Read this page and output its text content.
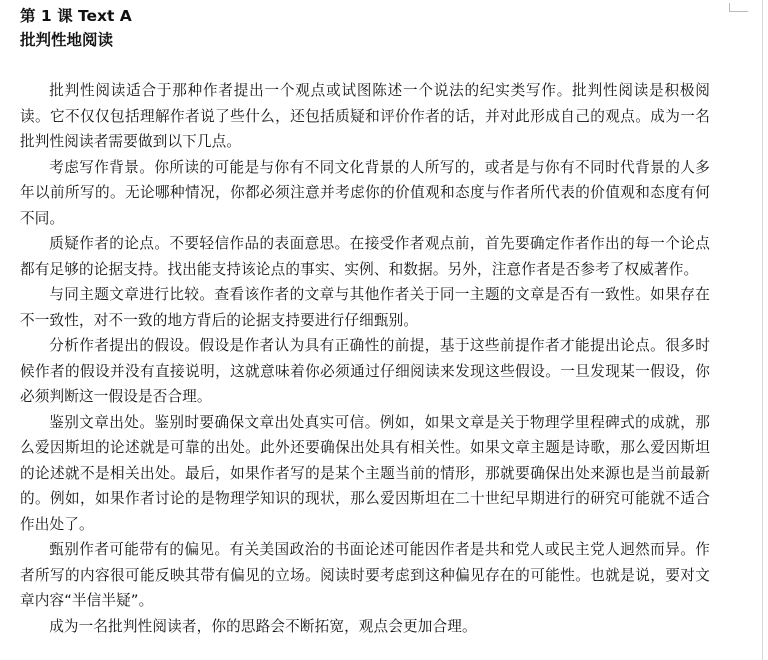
第 1 课 Text A
批判性地阅读

批判性阅读适合于那种作者提出一个观点或试图陈述一个说法的纪实类写作。批判性阅读是积极阅读。它不仅仅包括理解作者说了些什么，还包括质疑和评价作者的话，并对此形成自己的观点。成为一名批判性阅读者需要做到以下几点。

考虑写作背景。你所读的可能是与你有不同文化背景的人所写的，或者是与你有不同时代背景的人多年以前所写的。无论哪种情况，你都必须注意并考虑你的价值观和态度与作者所代表的价值观和态度有何不同。

质疑作者的论点。不要轻信作品的表面意思。在接受作者观点前，首先要确定作者作出的每一个论点都有足够的论据支持。找出能支持该论点的事实、实例、和数据。另外，注意作者是否参考了权威著作。

与同主题文章进行比较。查看该作者的文章与其他作者关于同一主题的文章是否有一致性。如果存在不一致性，对不一致的地方背后的论据支持要进行仔细甄别。

分析作者提出的假设。假设是作者认为具有正确性的前提，基于这些前提作者才能提出论点。很多时候作者的假设并没有直接说明，这就意味着你必须通过仔细阅读来发现这些假设。一旦发现某一假设，你必须判断这一假设是否合理。

鉴别文章出处。鉴别时要确保文章出处真实可信。例如，如果文章是关于物理学里程碑式的成就，那么爱因斯坦的论述就是可靠的出处。此外还要确保出处具有相关性。如果文章主题是诗歌，那么爱因斯坦的论述就不是相关出处。最后，如果作者写的是某个主题当前的情形，那就要确保出处来源也是当前最新的。例如，如果作者讨论的是物理学知识的现状，那么爱因斯坦在二十世纪早期进行的研究可能就不适合作出处了。

甄别作者可能带有的偏见。有关美国政治的书面论述可能因作者是共和党人或民主党人迥然而异。作者所写的内容很可能反映其带有偏见的立场。阅读时要考虑到这种偏见存在的可能性。也就是说，要对文章内容“半信半疑”。

成为一名批判性阅读者，你的思路会不断拓宽，观点会更加合理。
